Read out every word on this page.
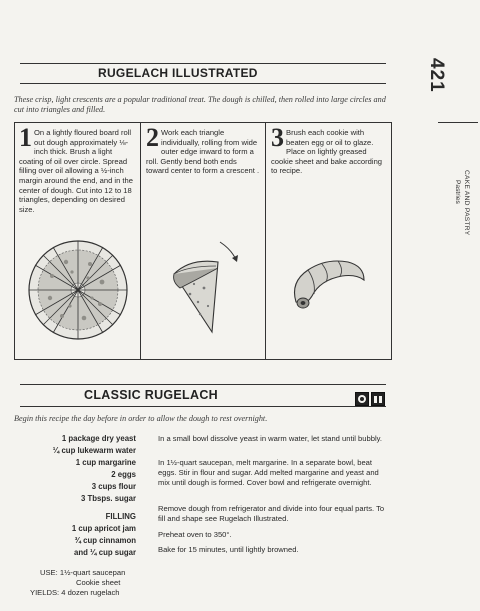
421
CAKE AND PASTRY
Pastries
RUGELACH ILLUSTRATED
These crisp, light crescents are a popular traditional treat. The dough is chilled, then rolled into large circles and cut into triangles and filled.
1 On a lightly floured board roll out dough approximately ⅛-inch thick. Brush a light coating of oil over circle. Spread filling over oil allowing a ½-inch margin around the end, and in the center of dough. Cut into 12 to 18 triangles, depending on desired size.
2 Work each triangle individually, rolling from wide outer edge inward to form a roll. Gently bend both ends toward center to form a crescent .
3 Brush each cookie with beaten egg or oil to glaze. Place on lightly greased cookie sheet and bake according to recipe.
CLASSIC RUGELACH
Begin this recipe the day before in order to allow the dough to rest overnight.
1 package dry yeast
¼ cup lukewarm water
1 cup margarine
2 eggs
3 cups flour
3 Tbsps. sugar
FILLING
1 cup apricot jam
¾ cup cinnamon
and ¼ cup sugar
USE: 1½-quart saucepan
Cookie sheet
YIELDS: 4 dozen rugelach
In a small bowl dissolve yeast in warm water, let stand until bubbly.
In 1½-quart saucepan, melt margarine. In a separate bowl, beat eggs. Stir in flour and sugar. Add melted margarine and yeast and mix until dough is formed. Cover bowl and refrigerate overnight.
Remove dough from refrigerator and divide into four equal parts. To fill and shape see Rugelach Illustrated.
Preheat oven to 350°.
Bake for 15 minutes, until lightly browned.
